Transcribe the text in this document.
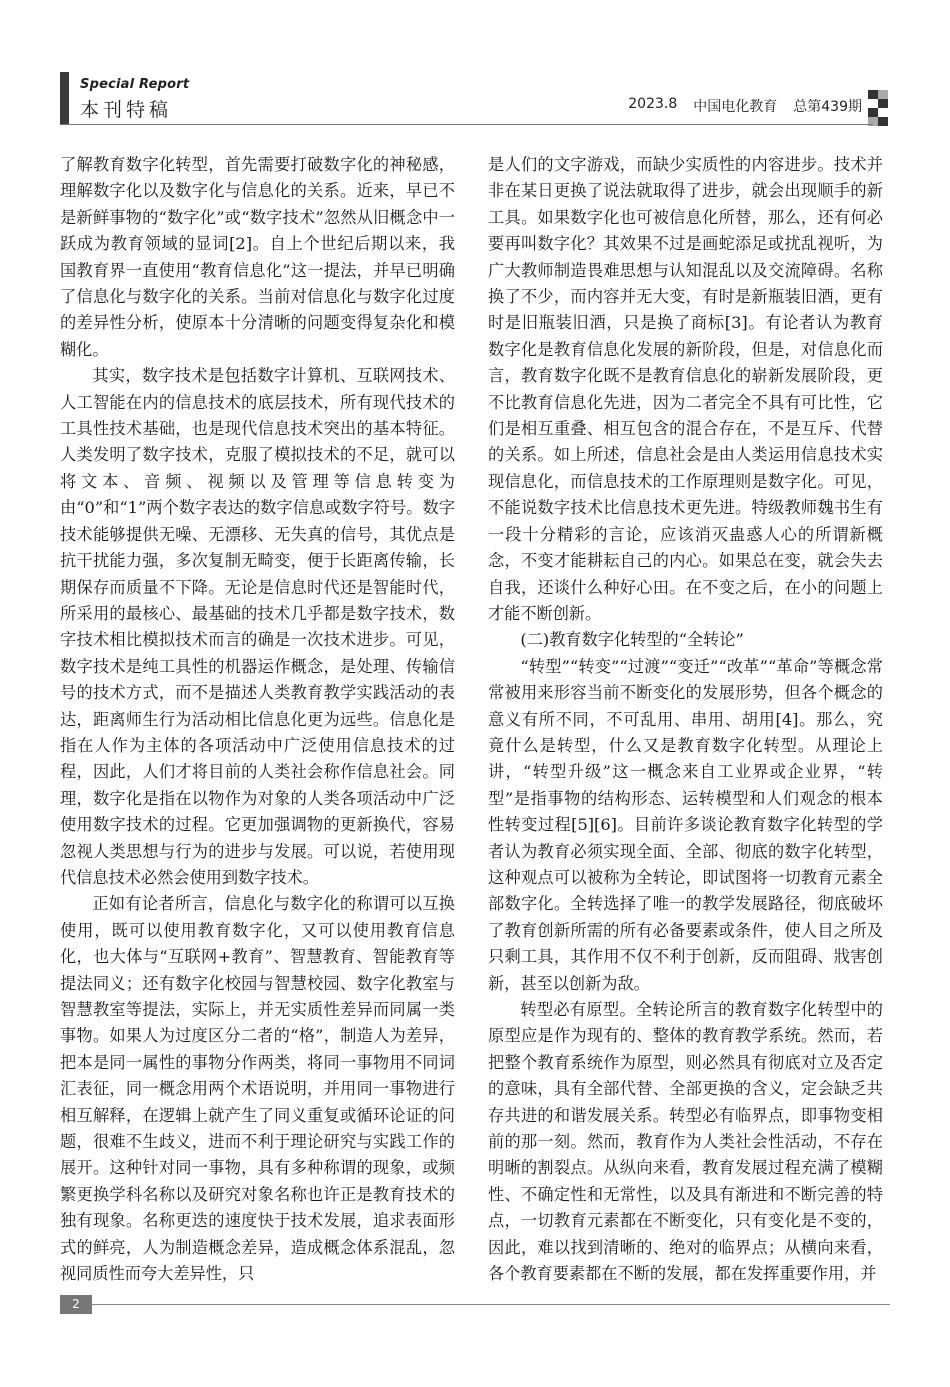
Special Report
本刊特稿	2023.8 中国电化教育 总第439期

了解教育数字化转型，首先需要打破数字化的神秘感，理解数字化以及数字化与信息化的关系。近来，早已不是新鲜事物的“数字化”或“数字技术”忽然从旧概念中一跃成为教育领域的显词[2]。自上个世纪后期以来，我国教育界一直使用“教育信息化”这一提法，并早已明确了信息化与数字化的关系。当前对信息化与数字化过度的差异性分析，使原本十分清晰的问题变得复杂化和模糊化。

其实，数字技术是包括数字计算机、互联网技术、人工智能在内的信息技术的底层技术，所有现代技术的工具性技术基础，也是现代信息技术突出的基本特征。人类发明了数字技术，克服了模拟技术的不足，就可以将文本、音频、视频以及管理等信息转变为由“0”和“1”两个数字表达的数字信息或数字符号。数字技术能够提供无噪、无漂移、无失真的信号，其优点是抗干扰能力强，多次复制无畸变，便于长距离传输，长期保存而质量不下降。无论是信息时代还是智能时代，所采用的最核心、最基础的技术几乎都是数字技术，数字技术相比模拟技术而言的确是一次技术进步。可见，数字技术是纯工具性的机器运作概念，是处理、传输信号的技术方式，而不是描述人类教育教学实践活动的表达，距离师生行为活动相比信息化更为远些。信息化是指在人作为主体的各项活动中广泛使用信息技术的过程，因此，人们才将目前的人类社会称作信息社会。同理，数字化是指在以物作为对象的人类各项活动中广泛使用数字技术的过程。它更加强调物的更新换代，容易忽视人类思想与行为的进步与发展。可以说，若使用现代信息技术必然会使用到数字技术。

正如有论者所言，信息化与数字化的称谓可以互换使用，既可以使用教育数字化，又可以使用教育信息化，也大体与“互联网+教育”、智慧教育、智能教育等提法同义；还有数字化校园与智慧校园、数字化教室与智慧教室等提法，实际上，并无实质性差异而同属一类事物。如果人为过度区分二者的“格”，制造人为差异，把本是同一属性的事物分作两类，将同一事物用不同词汇表征，同一概念用两个术语说明，并用同一事物进行相互解释，在逻辑上就产生了同义重复或循环论证的问题，很难不生歧义，进而不利于理论研究与实践工作的展开。这种针对同一事物，具有多种称谓的现象，或频繁更换学科名称以及研究对象名称也许正是教育技术的独有现象。名称更迭的速度快于技术发展，追求表面形式的鲜亮，人为制造概念差异，造成概念体系混乱，忽视同质性而夸大差异性，只

是人们的文字游戏，而缺少实质性的内容进步。技术并非在某日更换了说法就取得了进步，就会出现顺手的新工具。如果数字化也可被信息化所替，那么，还有何必要再叫数字化？其效果不过是画蛇添足或扰乱视听，为广大教师制造畏难思想与认知混乱以及交流障碍。名称换了不少，而内容并无大变，有时是新瓶装旧酒，更有时是旧瓶装旧酒，只是换了商标[3]。有论者认为教育数字化是教育信息化发展的新阶段，但是，对信息化而言，教育数字化既不是教育信息化的崭新发展阶段，更不比教育信息化先进，因为二者完全不具有可比性，它们是相互重叠、相互包含的混合存在，不是互斥、代替的关系。如上所述，信息社会是由人类运用信息技术实现信息化，而信息技术的工作原理则是数字化。可见，不能说数字技术比信息技术更先进。特级教师魏书生有一段十分精彩的言论，应该消灭蛊惑人心的所谓新概念，不变才能耕耘自己的内心。如果总在变，就会失去自我，还谈什么种好心田。在不变之后，在小的问题上才能不断创新。

(二)教育数字化转型的“全转论”

“转型”“转变”“过渡”“变迁”“改革”“革命”等概念常常被用来形容当前不断变化的发展形势，但各个概念的意义有所不同，不可乱用、串用、胡用[4]。那么，究竟什么是转型，什么又是教育数字化转型。从理论上讲，“转型升级”这一概念来自工业界或企业界，“转型”是指事物的结构形态、运转模型和人们观念的根本性转变过程[5][6]。目前许多谈论教育数字化转型的学者认为教育必须实现全面、全部、彻底的数字化转型，这种观点可以被称为全转论，即试图将一切教育元素全部数字化。全转选择了唯一的教学发展路径，彻底破坏了教育创新所需的所有必备要素或条件，使人目之所及只剩工具，其作用不仅不利于创新，反而阻碍、戕害创新，甚至以创新为敌。

转型必有原型。全转论所言的教育数字化转型中的原型应是作为现有的、整体的教育教学系统。然而，若把整个教育系统作为原型，则必然具有彻底对立及否定的意味，具有全部代替、全部更换的含义，定会缺乏共存共进的和谐发展关系。转型必有临界点，即事物变相前的那一刻。然而，教育作为人类社会性活动，不存在明晰的割裂点。从纵向来看，教育发展过程充满了模糊性、不确定性和无常性，以及具有渐进和不断完善的特点，一切教育元素都在不断变化，只有变化是不变的，因此，难以找到清晰的、绝对的临界点；从横向来看，各个教育要素都在不断的发展，都在发挥重要作用，并

2
